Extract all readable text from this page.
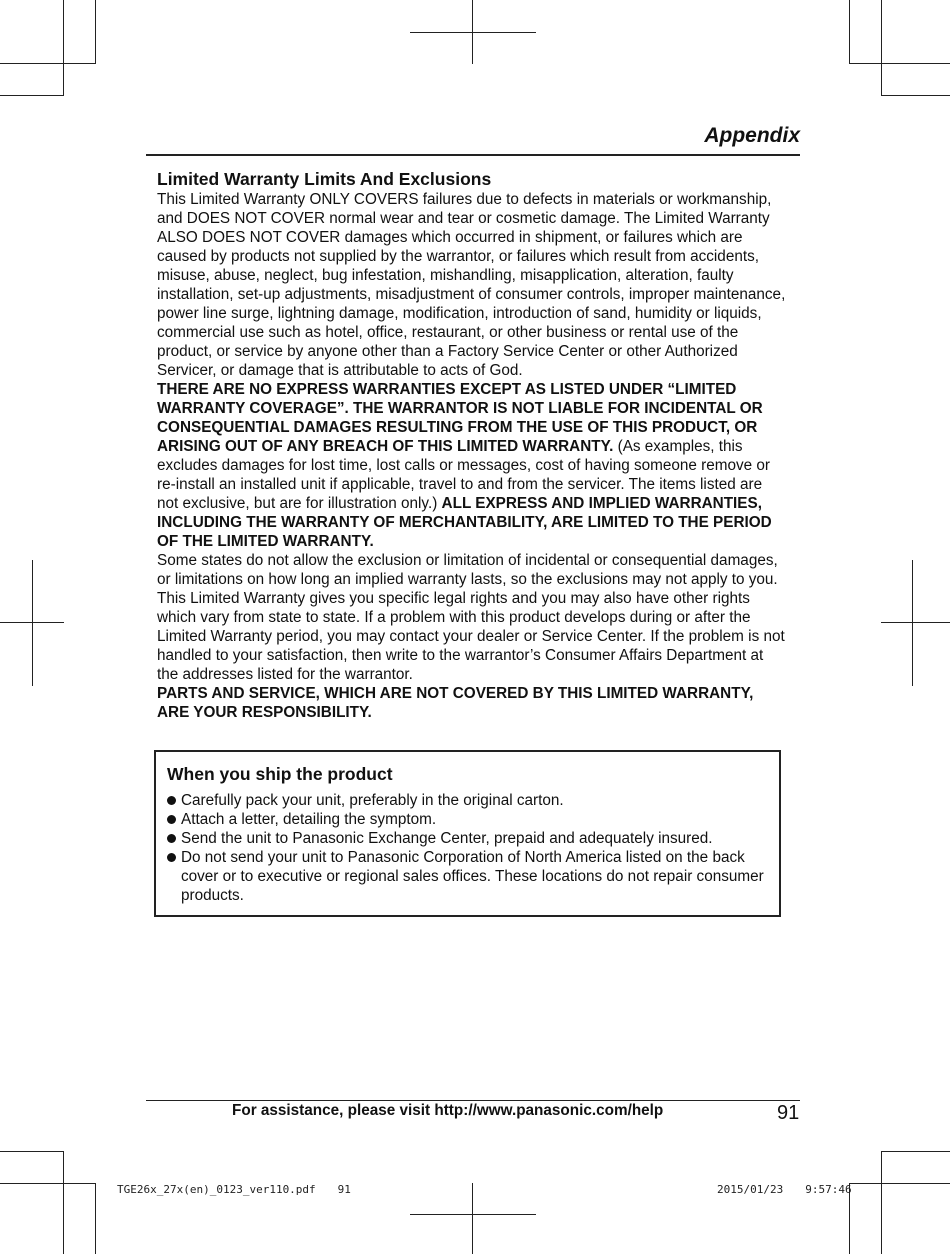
Appendix
Limited Warranty Limits And Exclusions

This Limited Warranty ONLY COVERS failures due to defects in materials or workmanship, and DOES NOT COVER normal wear and tear or cosmetic damage. The Limited Warranty ALSO DOES NOT COVER damages which occurred in shipment, or failures which are caused by products not supplied by the warrantor, or failures which result from accidents, misuse, abuse, neglect, bug infestation, mishandling, misapplication, alteration, faulty installation, set-up adjustments, misadjustment of consumer controls, improper maintenance, power line surge, lightning damage, modification, introduction of sand, humidity or liquids, commercial use such as hotel, office, restaurant, or other business or rental use of the product, or service by anyone other than a Factory Service Center or other Authorized Servicer, or damage that is attributable to acts of God.

THERE ARE NO EXPRESS WARRANTIES EXCEPT AS LISTED UNDER “LIMITED WARRANTY COVERAGE”. THE WARRANTOR IS NOT LIABLE FOR INCIDENTAL OR CONSEQUENTIAL DAMAGES RESULTING FROM THE USE OF THIS PRODUCT, OR ARISING OUT OF ANY BREACH OF THIS LIMITED WARRANTY. (As examples, this excludes damages for lost time, lost calls or messages, cost of having someone remove or re-install an installed unit if applicable, travel to and from the servicer. The items listed are not exclusive, but are for illustration only.) ALL EXPRESS AND IMPLIED WARRANTIES, INCLUDING THE WARRANTY OF MERCHANTABILITY, ARE LIMITED TO THE PERIOD OF THE LIMITED WARRANTY.

Some states do not allow the exclusion or limitation of incidental or consequential damages, or limitations on how long an implied warranty lasts, so the exclusions may not apply to you.

This Limited Warranty gives you specific legal rights and you may also have other rights which vary from state to state. If a problem with this product develops during or after the Limited Warranty period, you may contact your dealer or Service Center. If the problem is not handled to your satisfaction, then write to the warrantor’s Consumer Affairs Department at the addresses listed for the warrantor.

PARTS AND SERVICE, WHICH ARE NOT COVERED BY THIS LIMITED WARRANTY, ARE YOUR RESPONSIBILITY.

When you ship the product
Carefully pack your unit, preferably in the original carton.
Attach a letter, detailing the symptom.
Send the unit to Panasonic Exchange Center, prepaid and adequately insured.
Do not send your unit to Panasonic Corporation of North America listed on the back cover or to executive or regional sales offices. These locations do not repair consumer products.
For assistance, please visit http://www.panasonic.com/help	91
TGE26x_27x(en)_0123_ver110.pdf　　91	2015/01/23　　9:57:46
